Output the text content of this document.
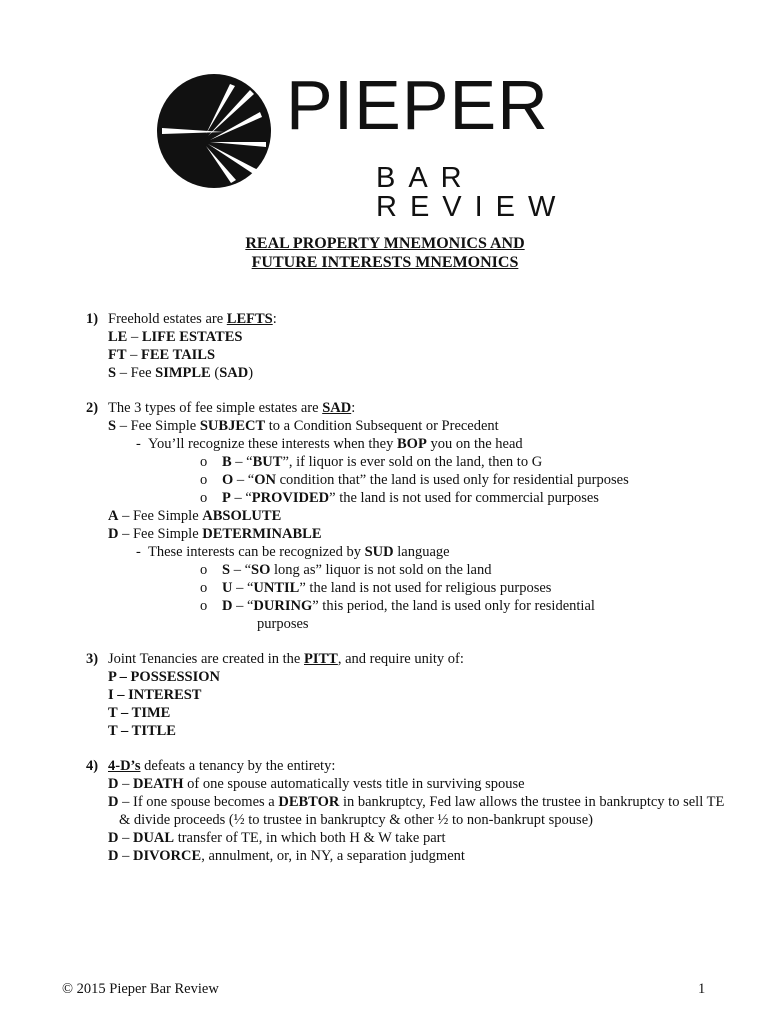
PIEPER
BAR REVIEW
REAL PROPERTY MNEMONICS AND
FUTURE INTERESTS MNEMONICS
1) Freehold estates are LEFTS:
LE – LIFE ESTATES
FT – FEE TAILS
S – Fee SIMPLE (SAD)
2) The 3 types of fee simple estates are SAD:
S – Fee Simple SUBJECT to a Condition Subsequent or Precedent
- You’ll recognize these interests when they BOP you on the head
o B – “BUT”, if liquor is ever sold on the land, then to G
o O – “ON condition that” the land is used only for residential purposes
o P – “PROVIDED” the land is not used for commercial purposes
A – Fee Simple ABSOLUTE
D – Fee Simple DETERMINABLE
- These interests can be recognized by SUD language
o S – “SO long as” liquor is not sold on the land
o U – “UNTIL” the land is not used for religious purposes
o D – “DURING” this period, the land is used only for residential
purposes
3) Joint Tenancies are created in the PITT, and require unity of:
P – POSSESSION
I – INTEREST
T – TIME
T – TITLE
4) 4-D’s defeats a tenancy by the entirety:
D – DEATH of one spouse automatically vests title in surviving spouse
D – If one spouse becomes a DEBTOR in bankruptcy, Fed law allows the trustee in bankruptcy to sell TE & divide proceeds (½ to trustee in bankruptcy & other ½ to non-bankrupt spouse)
D – DUAL transfer of TE, in which both H & W take part
D – DIVORCE, annulment, or, in NY, a separation judgment
© 2015 Pieper Bar Review	1
